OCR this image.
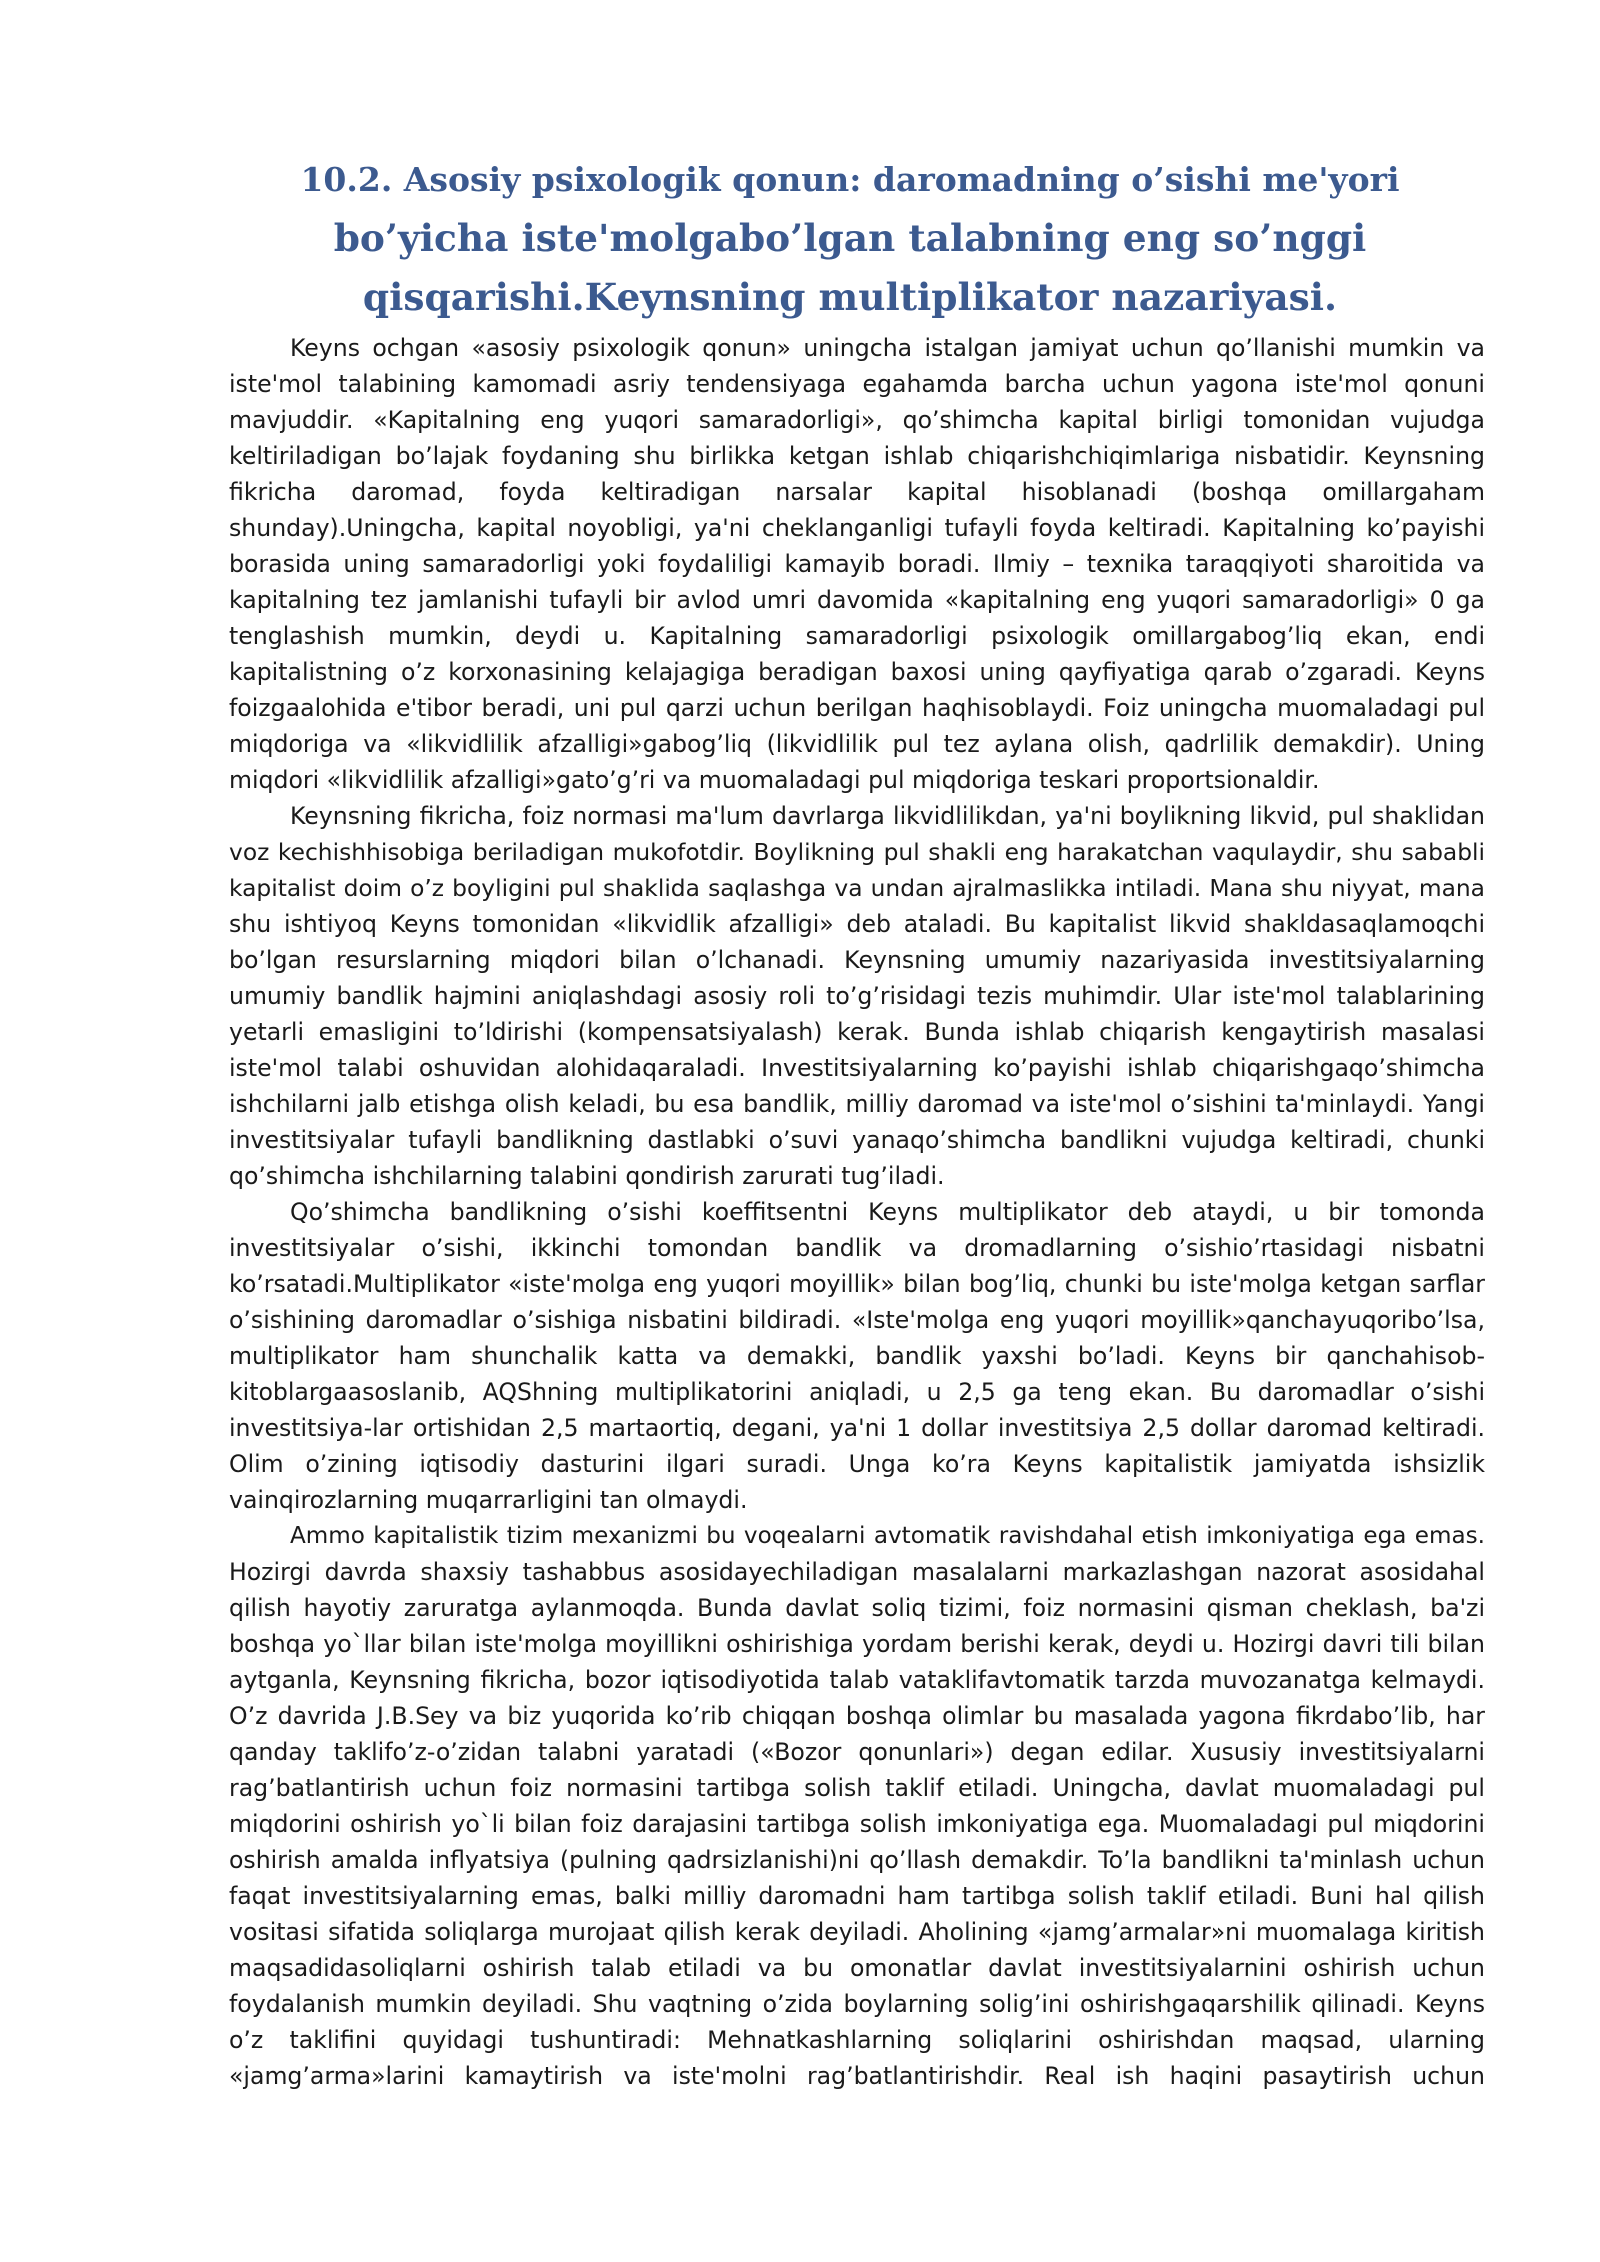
10.2. Asosiy psixologik qonun: daromadning o’sishi me'yori
bo’yicha iste'molgabo’lgan talabning eng so’nggi
qisqarishi.Keynsning multiplikator nazariyasi.

Keyns ochgan «asosiy psixologik qonun» uningcha istalgan jamiyat uchun qo’llanishi mumkin va
iste'mol talabining kamomadi asriy tendensiyaga egahamda barcha uchun yagona iste'mol qonuni
mavjuddir. «Kapitalning eng yuqori samaradorligi», qo’shimcha kapital birligi tomonidan vujudga
keltiriladigan bo’lajak foydaning shu birlikka ketgan ishlab chiqarishchiqimlariga nisbatidir. Keynsning
fikricha daromad, foyda keltiradigan narsalar kapital hisoblanadi (boshqa omillargaham
shunday).Uningcha, kapital noyobligi, ya'ni cheklanganligi tufayli foyda keltiradi. Kapitalning ko’payishi
borasida uning samaradorligi yoki foydaliligi kamayib boradi. Ilmiy – texnika taraqqiyoti sharoitida va
kapitalning tez jamlanishi tufayli bir avlod umri davomida «kapitalning eng yuqori samaradorligi» 0 ga
tenglashish mumkin, deydi u. Kapitalning samaradorligi psixologik omillargabog’liq ekan, endi
kapitalistning o’z korxonasining kelajagiga beradigan baxosi uning qayfiyatiga qarab o’zgaradi. Keyns
foizgaalohida e'tibor beradi, uni pul qarzi uchun berilgan haqhisoblaydi. Foiz uningcha muomaladagi pul
miqdoriga va «likvidlilik afzalligi»gabog’liq (likvidlilik pul tez aylana olish, qadrlilik demakdir). Uning
miqdori «likvidlilik afzalligi»gato’g’ri va muomaladagi pul miqdoriga teskari proportsionaldir.

Keynsning fikricha, foiz normasi ma'lum davrlarga likvidlilikdan, ya'ni boylikning likvid, pul shaklidan
voz kechishhisobiga beriladigan mukofotdir. Boylikning pul shakli eng harakatchan vaqulaydir, shu sababli
kapitalist doim o’z boyligini pul shaklida saqlashga va undan ajralmaslikka intiladi. Mana shu niyyat, mana
shu ishtiyoq Keyns tomonidan «likvidlik afzalligi» deb ataladi. Bu kapitalist likvid shakldasaqlamoqchi
bo’lgan resurslarning miqdori bilan o’lchanadi. Keynsning umumiy nazariyasida investitsiyalarning
umumiy bandlik hajmini aniqlashdagi asosiy roli to’g’risidagi tezis muhimdir. Ular iste'mol talablarining
yetarli emasligini to’ldirishi (kompensatsiyalash) kerak. Bunda ishlab chiqarish kengaytirish masalasi
iste'mol talabi oshuvidan alohidaqaraladi. Investitsiyalarning ko’payishi ishlab chiqarishgaqo’shimcha
ishchilarni jalb etishga olish keladi, bu esa bandlik, milliy daromad va iste'mol o’sishini ta'minlaydi. Yangi
investitsiyalar tufayli bandlikning dastlabki o’suvi yanaqo’shimcha bandlikni vujudga keltiradi, chunki
qo’shimcha ishchilarning talabini qondirish zarurati tug’iladi.

Qo’shimcha bandlikning o’sishi koeffitsentni Keyns multiplikator deb ataydi, u bir tomonda
investitsiyalar o’sishi, ikkinchi tomondan bandlik va dromadlarning o’sishio’rtasidagi nisbatni
ko’rsatadi.Multiplikator «iste'molga eng yuqori moyillik» bilan bog’liq, chunki bu iste'molga ketgan sarflar
o’sishining daromadlar o’sishiga nisbatini bildiradi. «Iste'molga eng yuqori moyillik»qanchayuqoribo’lsa,
multiplikator ham shunchalik katta va demakki, bandlik yaxshi bo’ladi. Keyns bir qanchahisob-
kitoblargaasoslanib, AQShning multiplikatorini aniqladi, u 2,5 ga teng ekan. Bu daromadlar o’sishi
investitsiya-lar ortishidan 2,5 martaortiq, degani, ya'ni 1 dollar investitsiya 2,5 dollar daromad keltiradi.
Olim o’zining iqtisodiy dasturini ilgari suradi. Unga ko’ra Keyns kapitalistik jamiyatda ishsizlik
vainqirozlarning muqarrarligini tan olmaydi.

Ammo kapitalistik tizim mexanizmi bu voqealarni avtomatik ravishdahal etish imkoniyatiga ega emas.
Hozirgi davrda shaxsiy tashabbus asosidayechiladigan masalalarni markazlashgan nazorat asosidahal
qilish hayotiy zaruratga aylanmoqda. Bunda davlat soliq tizimi, foiz normasini qisman cheklash, ba'zi
boshqa yo`llar bilan iste'molga moyillikni oshirishiga yordam berishi kerak, deydi u. Hozirgi davri tili bilan
aytganla, Keynsning fikricha, bozor iqtisodiyotida talab vataklifavtomatik tarzda muvozanatga kelmaydi.
O’z davrida J.B.Sey va biz yuqorida ko’rib chiqqan boshqa olimlar bu masalada yagona fikrdabo’lib, har
qanday taklifo’z-o’zidan talabni yaratadi («Bozor qonunlari») degan edilar. Xususiy investitsiyalarni
rag’batlantirish uchun foiz normasini tartibga solish taklif etiladi. Uningcha, davlat muomaladagi pul
miqdorini oshirish yo`li bilan foiz darajasini tartibga solish imkoniyatiga ega. Muomaladagi pul miqdorini
oshirish amalda inflyatsiya (pulning qadrsizlanishi)ni qo’llash demakdir. To’la bandlikni ta'minlash uchun
faqat investitsiyalarning emas, balki milliy daromadni ham tartibga solish taklif etiladi. Buni hal qilish
vositasi sifatida soliqlarga murojaat qilish kerak deyiladi. Aholining «jamg’armalar»ni muomalaga kiritish
maqsadidasoliqlarni oshirish talab etiladi va bu omonatlar davlat investitsiyalarnini oshirish uchun
foydalanish mumkin deyiladi. Shu vaqtning o’zida boylarning solig’ini oshirishgaqarshilik qilinadi. Keyns
o’z taklifini quyidagi tushuntiradi: Mehnatkashlarning soliqlarini oshirishdan maqsad, ularning
«jamg’arma»larini kamaytirish va iste'molni rag’batlantirishdir. Real ish haqini pasaytirish uchun
